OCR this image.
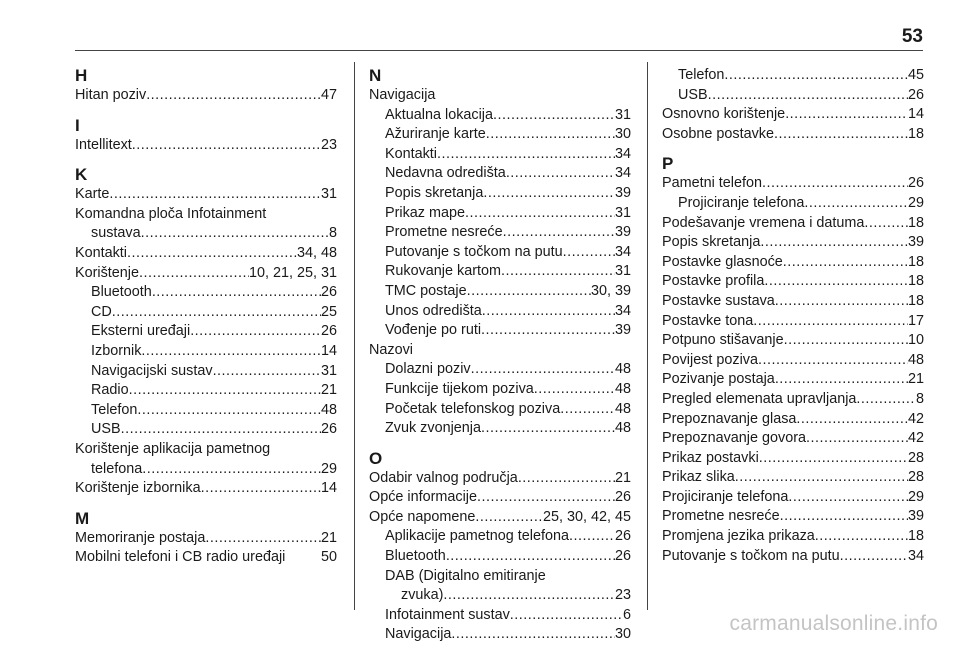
53
H
Hitan poziv .....	47
I
Intellitext .....	23
K
Karte .....	31
Komandna ploča Infotainment
sustava .....	8
Kontakti .....	34, 48
Korištenje .....	10, 21, 25, 31
Bluetooth .....	26
CD .....	25
Eksterni uređaji .....	26
Izbornik .....	14
Navigacijski sustav .....	31
Radio .....	21
Telefon .....	48
USB .....	26
Korištenje aplikacija pametnog
telefona .....	29
Korištenje izbornika .....	14
M
Memoriranje postaja .....	21
Mobilni telefoni i CB radio uređaji 50
N
Navigacija
Aktualna lokacija .....	31
Ažuriranje karte .....	30
Kontakti .....	34
Nedavna odredišta .....	34
Popis skretanja .....	39
Prikaz mape .....	31
Prometne nesreće .....	39
Putovanje s točkom na putu .....	34
Rukovanje kartom .....	31
TMC postaje .....	30, 39
Unos odredišta .....	34
Vođenje po ruti .....	39
Nazovi
Dolazni poziv .....	48
Funkcije tijekom poziva .....	48
Početak telefonskog poziva .....	48
Zvuk zvonjenja .....	48
O
Odabir valnog područja .....	21
Opće informacije .....	26
Opće napomene .....	25, 30, 42, 45
Aplikacije pametnog telefona .....	26
Bluetooth .....	26
DAB (Digitalno emitiranje
zvuka) .....	23
Infotainment sustav .....	6
Navigacija .....	30
Telefon .....	45
USB .....	26
Osnovno korištenje .....	14
Osobne postavke .....	18
P
Pametni telefon .....	26
Projiciranje telefona .....	29
Podešavanje vremena i datuma .....	18
Popis skretanja .....	39
Postavke glasnoće .....	18
Postavke profila .....	18
Postavke sustava .....	18
Postavke tona .....	17
Potpuno stišavanje .....	10
Povijest poziva .....	48
Pozivanje postaja .....	21
Pregled elemenata upravljanja .....	8
Prepoznavanje glasa .....	42
Prepoznavanje govora .....	42
Prikaz postavki .....	28
Prikaz slika .....	28
Projiciranje telefona .....	29
Prometne nesreće .....	39
Promjena jezika prikaza .....	18
Putovanje s točkom na putu .....	34
carmanualsonline.info
